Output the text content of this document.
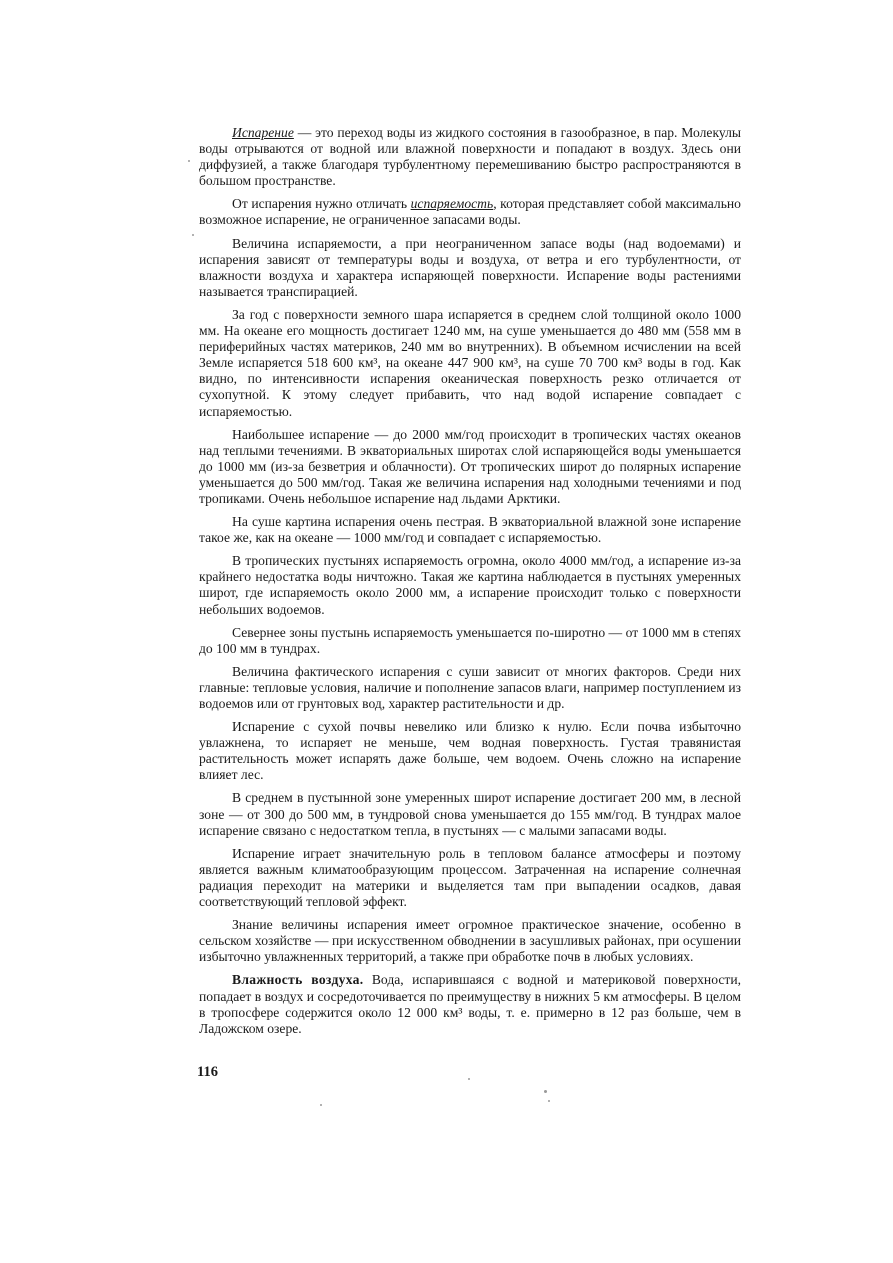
Испарение — это переход воды из жидкого состояния в газообразное, в пар. Молекулы воды отрываются от водной или влажной поверхности и попадают в воздух. Здесь они диффузией, а также благодаря турбулентному перемешиванию быстро распространяются в большом пространстве.

От испарения нужно отличать испаряемость, которая представляет собой максимально возможное испарение, не ограниченное запасами воды.

Величина испаряемости, а при неограниченном запасе воды (над водоемами) и испарения зависят от температуры воды и воздуха, от ветра и его турбулентности, от влажности воздуха и характера испаряющей поверхности. Испарение воды растениями называется транспирацией.

За год с поверхности земного шара испаряется в среднем слой толщиной около 1000 мм. На океане его мощность достигает 1240 мм, на суше уменьшается до 480 мм (558 мм в периферийных частях материков, 240 мм во внутренних). В объемном исчислении на всей Земле испаряется 518 600 км³, на океане 447 900 км³, на суше 70 700 км³ воды в год. Как видно, по интенсивности испарения океаническая поверхность резко отличается от сухопутной. К этому следует прибавить, что над водой испарение совпадает с испаряемостью.

Наибольшее испарение — до 2000 мм/год происходит в тропических частях океанов над теплыми течениями. В экваториальных широтах слой испаряющейся воды уменьшается до 1000 мм (из-за безветрия и облачности). От тропических широт до полярных испарение уменьшается до 500 мм/год. Такая же величина испарения над холодными течениями и под тропиками. Очень небольшое испарение над льдами Арктики.

На суше картина испарения очень пестрая. В экваториальной влажной зоне испарение такое же, как на океане — 1000 мм/год и совпадает с испаряемостью.

В тропических пустынях испаряемость огромна, около 4000 мм/год, а испарение из-за крайнего недостатка воды ничтожно. Такая же картина наблюдается в пустынях умеренных широт, где испаряемость около 2000 мм, а испарение происходит только с поверхности небольших водоемов.

Севернее зоны пустынь испаряемость уменьшается по-широтно — от 1000 мм в степях до 100 мм в тундрах.

Величина фактического испарения с суши зависит от многих факторов. Среди них главные: тепловые условия, наличие и пополнение запасов влаги, например поступлением из водоемов или от грунтовых вод, характер растительности и др.

Испарение с сухой почвы невелико или близко к нулю. Если почва избыточно увлажнена, то испаряет не меньше, чем водная поверхность. Густая травянистая растительность может испарять даже больше, чем водоем. Очень сложно на испарение влияет лес.

В среднем в пустынной зоне умеренных широт испарение достигает 200 мм, в лесной зоне — от 300 до 500 мм, в тундровой снова уменьшается до 155 мм/год. В тундрах малое испарение связано с недостатком тепла, в пустынях — с малыми запасами воды.

Испарение играет значительную роль в тепловом балансе атмосферы и поэтому является важным климатообразующим процессом. Затраченная на испарение солнечная радиация переходит на материки и выделяется там при выпадении осадков, давая соответствующий тепловой эффект.

Знание величины испарения имеет огромное практическое значение, особенно в сельском хозяйстве — при искусственном обводнении в засушливых районах, при осушении избыточно увлажненных территорий, а также при обработке почв в любых условиях.

Влажность воздуха. Вода, испарившаяся с водной и материковой поверхности, попадает в воздух и сосредоточивается по преимуществу в нижних 5 км атмосферы. В целом в тропосфере содержится около 12 000 км³ воды, т. е. примерно в 12 раз больше, чем в Ладожском озере.

116
